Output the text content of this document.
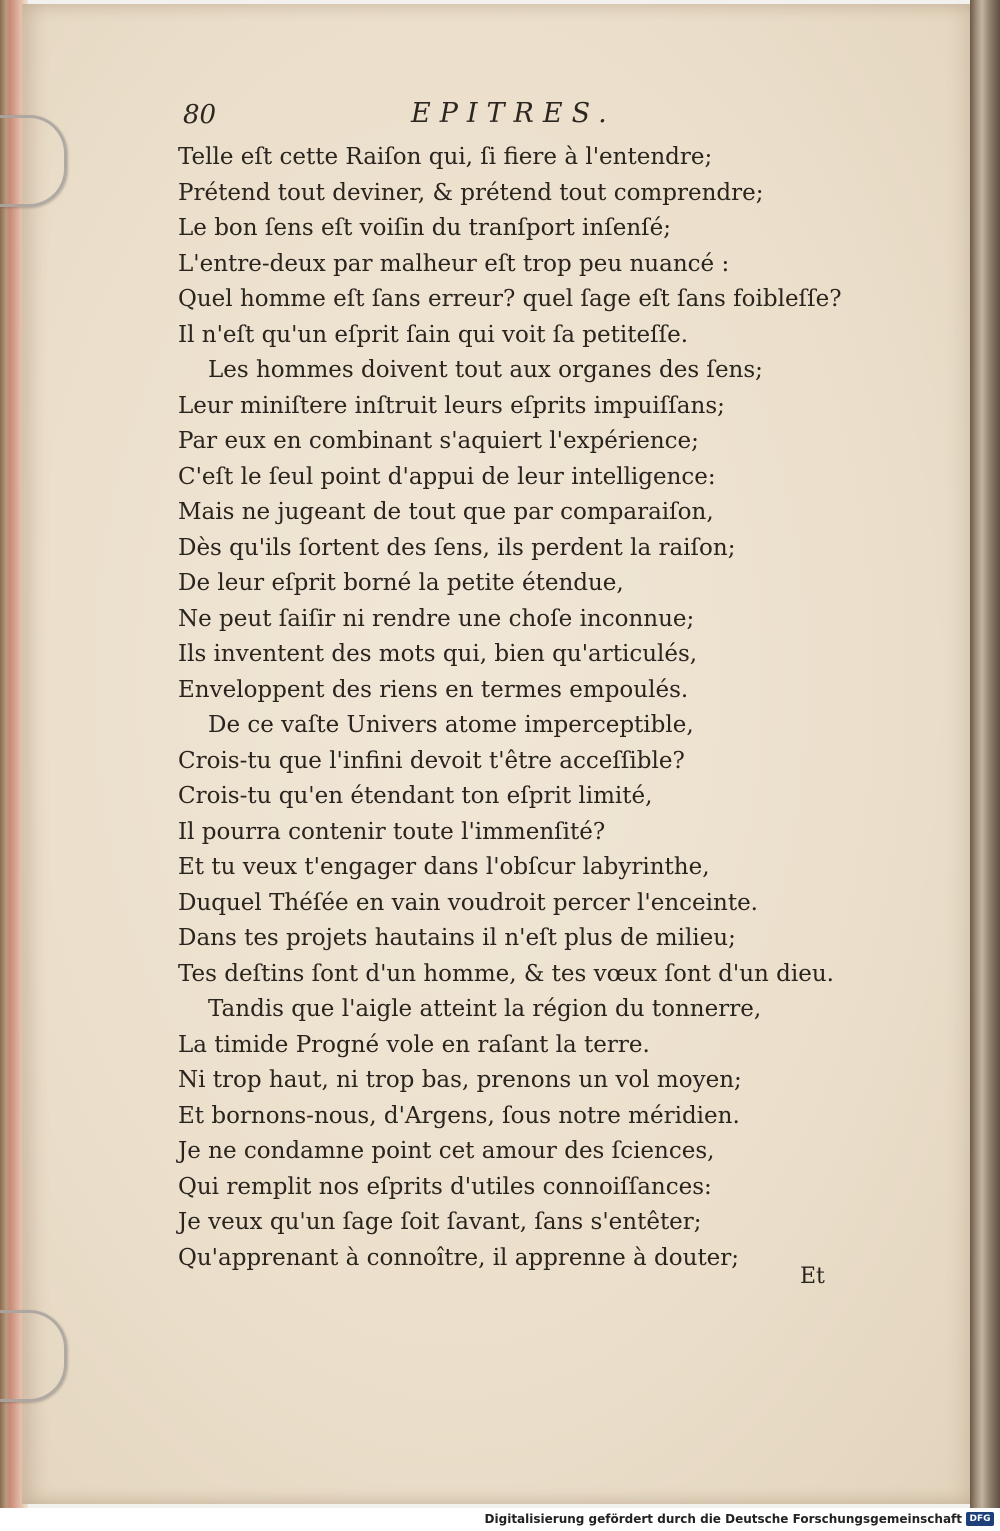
80	EPITRES.
Telle eſt cette Raiſon qui, ſi fiere à l'entendre;
Prétend tout deviner, & prétend tout comprendre;
Le bon ſens eſt voiſin du tranſport inſenſé;
L'entre-deux par malheur eſt trop peu nuancé :
Quel homme eſt ſans erreur? quel ſage eſt ſans foibleſſe?
Il n'eſt qu'un eſprit ſain qui voit ſa petiteſſe.
Les hommes doivent tout aux organes des ſens;
Leur miniſtere inſtruit leurs eſprits impuiſſans;
Par eux en combinant s'aquiert l'expérience;
C'eſt le ſeul point d'appui de leur intelligence:
Mais ne jugeant de tout que par comparaiſon,
Dès qu'ils ſortent des ſens, ils perdent la raiſon;
De leur eſprit borné la petite étendue,
Ne peut ſaiſir ni rendre une choſe inconnue;
Ils inventent des mots qui, bien qu'articulés,
Enveloppent des riens en termes empoulés.
De ce vaſte Univers atome imperceptible,
Crois-tu que l'infini devoit t'être acceſſible?
Crois-tu qu'en étendant ton eſprit limité,
Il pourra contenir toute l'immenſité?
Et tu veux t'engager dans l'obſcur labyrinthe,
Duquel Théſée en vain voudroit percer l'enceinte.
Dans tes projets hautains il n'eſt plus de milieu;
Tes deſtins ſont d'un homme, & tes vœux ſont d'un dieu.
Tandis que l'aigle atteint la région du tonnerre,
La timide Progné vole en raſant la terre.
Ni trop haut, ni trop bas, prenons un vol moyen;
Et bornons-nous, d'Argens, ſous notre méridien.
Je ne condamne point cet amour des ſciences,
Qui remplit nos eſprits d'utiles connoiſſances:
Je veux qu'un ſage ſoit ſavant, ſans s'entêter;
Qu'apprenant à connoître, il apprenne à douter;
Et
Digitalisierung gefördert durch die Deutsche Forschungsgemeinschaft DFG
